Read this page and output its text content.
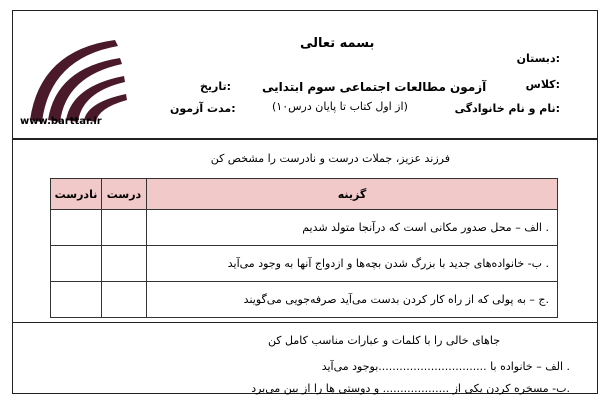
www.barttar.ir
بسمه تعالی
دبستان:
کلاس:
نام و نام خانوادگی:
آزمون مطالعات اجتماعی سوم ابتدایی
(از اول کتاب تا پایان درس۱۰)
تاریخ:
مدت آزمون:
فرزند عزیز، جملات درست و نادرست را مشخص کن
نادرست	درست	گزینه
		الف – محل صدور مکانی است که درآنجا متولد شدیم .
		ب- خانواده‌های جدید با بزرگ شدن بچه‌ها و ازدواج آنها به وجود می‌آید .
		ج – به پولی که از راه کار کردن بدست می‌آید صرفه‌جویی می‌گویند.
جاهای خالی را با کلمات و عبارات مناسب کامل کن
الف – خانواده با ...............................بوجود می‌آید .
ب- مسخره کردن یکی از ................... و دوستی ها را از بین می‌برد.
